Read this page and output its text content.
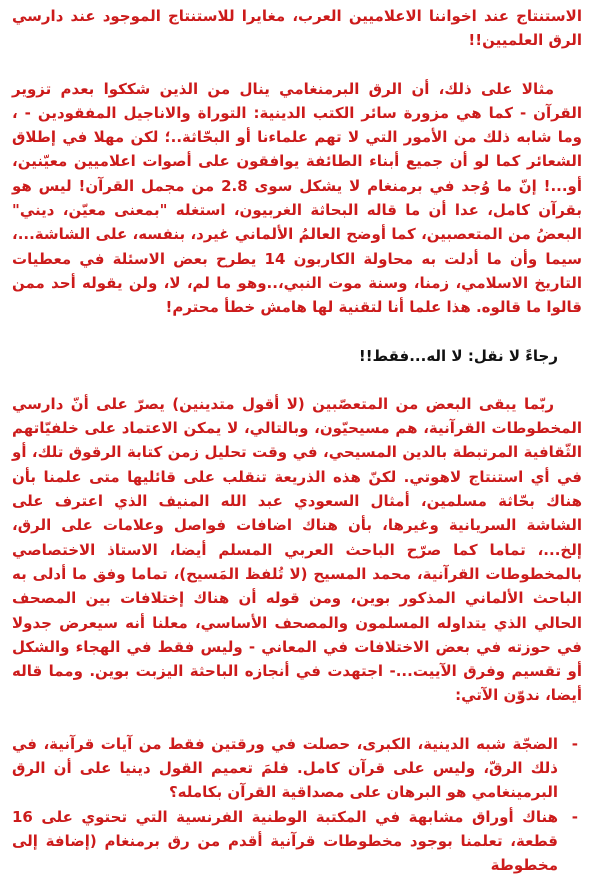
الاستنتاج عند اخواننا الاعلاميين العرب، مغايرا للاستنتاج الموجود عند دارسي الرق العلميين!!

مثالا على ذلك، أن الرق البرمنغامي ينال من الذين شككوا بعدم تزوير القرآن - كما هي مزورة سائر الكتب الدينية: التوراة والاناجيل المفقودين - ، وما شابه ذلك من الأمور التي لا تهم علماءنا أو البحّاثة..؛ لكن مهلا في إطلاق الشعائر كما لو أن جميع أبناء الطائفة يوافقون على أصوات اعلاميين معيّنين، أو...! إنّ ما وُجد في برمنغام لا يشكل سوى 2.8 من مجمل القرآن! ليس هو بقرآن كامل، عدا أن ما قاله البحاثة الغربيون، استغله "بمعنى معيّن، ديني" البعضُ من المتعصبين، كما أوضح العالمُ الألماني غيرد، بنفسه، على الشاشة...، سيما وأن ما أدلت به محاولة الكاربون 14 يطرح بعض الاسئلة في معطيات التاريخ الاسلامي، زمنا، وسنة موت النبي،..وهو ما لم، لا، ولن يقوله أحد ممن قالوا ما قالوه. هذا علما أنا لتقنية لها هامش خطأ محترم!

رجاءً لا نقل: لا اله...فقط!!

ربّما يبقى البعض من المتعصّبين (لا أقول متدينين) يصرّ على أنّ دارسي المخطوطات القرآنية، هم مسيحيّون، وبالتالي، لا يمكن الاعتماد على خلفيّاتهم الثّقافية المرتبطة بالدين المسيحي، في وقت تحليل زمن كتابة الرقوق تلك، أو في أي استنتاج لاهوتي. لكنّ هذه الذريعة تنقلب على قائليها متى علمنا بأن هناك بحّاثة مسلمين، أمثال السعودي عبد الله المنيف الذي اعترف على الشاشة السريانية وغيرها، بأن هناك اضافات فواصل وعلامات على الرق، إلخ...، تماما كما صرّح الباحث العربي المسلم أيضا، الاستاذ الاختصاصي بالمخطوطات القرآنية، محمد المسيح (لا تُلفظ المَسيح)، تماما وفق ما أدلى به الباحث الألماني المذكور بوين، ومن قوله أن هناك إختلافات بين المصحف الحالي الذي يتداوله المسلمون والمصحف الأساسي، معلنا أنه سيعرض جدولا في حوزته في بعض الاختلافات في المعاني - وليس فقط في الهجاء والشكل أو تقسيم وفرق الآييت...- اجتهدت في أنجازه الباحثة اليزبت بوين. ومما قاله أيضا، ندوّن الآتي:

-
الضجّة شبه الدينية، الكبرى، حصلت في ورقتين فقط من آيات قرآنية، في ذلك الرقّ، وليس على قرآن كامل. فلمَ تعميم القول دينيا على أن الرق البرمينغامي هو البرهان على مصداقية القرآن بكامله؟
-
هناك أوراق مشابهة في المكتبة الوطنية الفرنسية التي تحتوي على 16 قطعة، تعلمنا بوجود مخطوطات قرآنية أقدم من رق برمنغام (إضافة إلى مخطوطة
